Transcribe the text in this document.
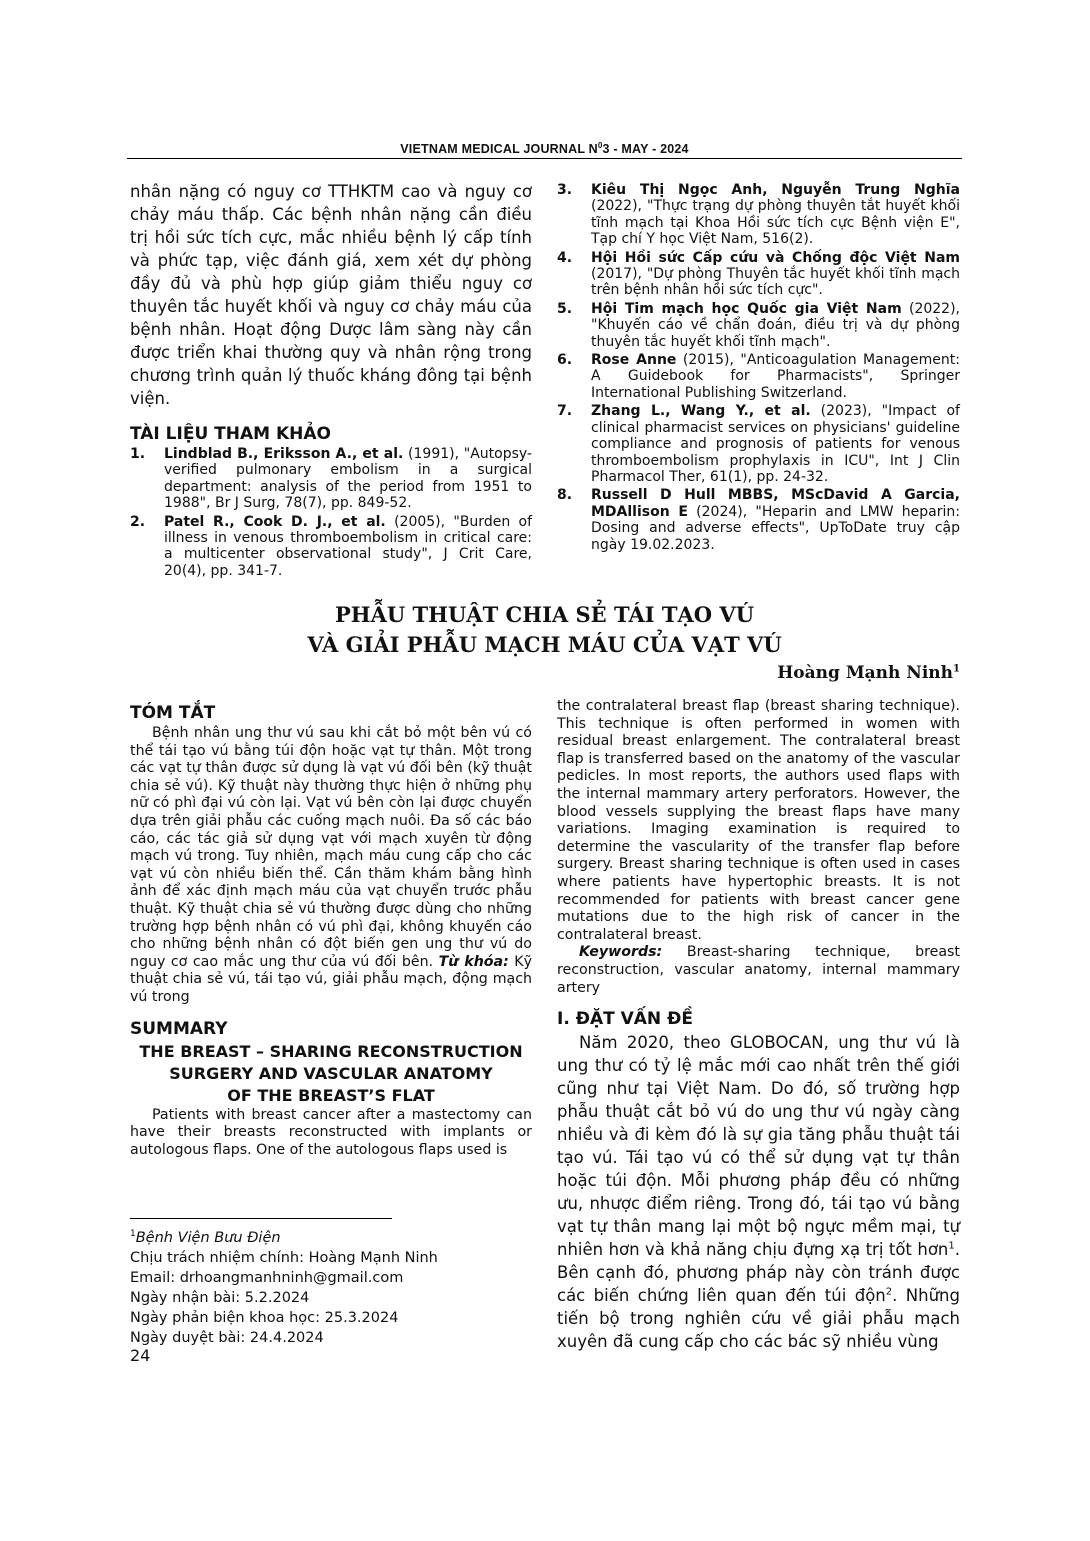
VIETNAM MEDICAL JOURNAL $N^03$ - MAY - 2024

nhân nặng có nguy cơ TTHKTM cao và nguy cơ chảy máu thấp. Các bệnh nhân nặng cần điều trị hồi sức tích cực, mắc nhiều bệnh lý cấp tính và phức tạp, việc đánh giá, xem xét dự phòng đầy đủ và phù hợp giúp giảm thiểu nguy cơ thuyên tắc huyết khối và nguy cơ chảy máu của bệnh nhân. Hoạt động Dược lâm sàng này cần được triển khai thường quy và nhân rộng trong chương trình quản lý thuốc kháng đông tại bệnh viện.

TÀI LIỆU THAM KHẢO

1. Lindblad B., Eriksson A., et al. (1991), "Autopsy-verified pulmonary embolism in a surgical department: analysis of the period from 1951 to 1988", Br J Surg, 78(7), pp. 849-52.
2. Patel R., Cook D. J., et al. (2005), "Burden of illness in venous thromboembolism in critical care: a multicenter observational study", J Crit Care, 20(4), pp. 341-7.
3. Kiêu Thị Ngọc Anh, Nguyễn Trung Nghĩa (2022), "Thực trạng dự phòng thuyên tắt huyết khối tĩnh mạch tại Khoa Hồi sức tích cực Bệnh viện E", Tạp chí Y học Việt Nam, 516(2).
4. Hội Hồi sức Cấp cứu và Chống độc Việt Nam (2017), "Dự phòng Thuyên tắc huyết khối tĩnh mạch trên bệnh nhân hồi sức tích cực".
5. Hội Tim mạch học Quốc gia Việt Nam (2022), "Khuyến cáo về chẩn đoán, điều trị và dự phòng thuyên tắc huyết khối tĩnh mạch".
6. Rose Anne (2015), "Anticoagulation Management: A Guidebook for Pharmacists", Springer International Publishing Switzerland.
7. Zhang L., Wang Y., et al. (2023), "Impact of clinical pharmacist services on physicians' guideline compliance and prognosis of patients for venous thromboembolism prophylaxis in ICU", Int J Clin Pharmacol Ther, 61(1), pp. 24-32.
8. Russell D Hull MBBS, MScDavid A Garcia, MDAllison E (2024), "Heparin and LMW heparin: Dosing and adverse effects", UpToDate truy cập ngày 19.02.2023.
PHẪU THUẬT CHIA SẺ TÁI TẠO VÚ
VÀ GIẢI PHẪU MẠCH MÁU CỦA VẠT VÚ
Hoàng Mạnh Ninh$^1$

TÓM TẮT

Bệnh nhân ung thư vú sau khi cắt bỏ một bên vú có thể tái tạo vú bằng túi độn hoặc vạt tự thân. Một trong các vạt tự thân được sử dụng là vạt vú đối bên (kỹ thuật chia sẻ vú). Kỹ thuật này thường thực hiện ở những phụ nữ có phì đại vú còn lại. Vạt vú bên còn lại được chuyển dựa trên giải phẫu các cuống mạch nuôi. Đa số các báo cáo, các tác giả sử dụng vạt với mạch xuyên từ động mạch vú trong. Tuy nhiên, mạch máu cung cấp cho các vạt vú còn nhiều biến thể. Cần thăm khám bằng hình ảnh để xác định mạch máu của vạt chuyển trước phẫu thuật. Kỹ thuật chia sẻ vú thường được dùng cho những trường hợp bệnh nhân có vú phì đại, không khuyến cáo cho những bệnh nhân có đột biến gen ung thư vú do nguy cơ cao mắc ung thư của vú đối bên. Từ khóa: Kỹ thuật chia sẻ vú, tái tạo vú, giải phẫu mạch, động mạch vú trong

SUMMARY

THE BREAST – SHARING RECONSTRUCTION

SURGERY AND VASCULAR ANATOMY

OF THE BREAST’S FLAT

Patients with breast cancer after a mastectomy can have their breasts reconstructed with implants or autologous flaps. One of the autologous flaps used is

the contralateral breast flap (breast sharing technique). This technique is often performed in women with residual breast enlargement. The contralateral breast flap is transferred based on the anatomy of the vascular pedicles. In most reports, the authors used flaps with the internal mammary artery perforators. However, the blood vessels supplying the breast flaps have many variations. Imaging examination is required to determine the vascularity of the transfer flap before surgery. Breast sharing technique is often used in cases where patients have hypertophic breasts. It is not recommended for patients with breast cancer gene mutations due to the high risk of cancer in the contralateral breast.

Keywords: Breast-sharing technique, breast reconstruction, vascular anatomy, internal mammary artery

I. ĐẶT VẤN ĐỀ

Năm 2020, theo GLOBOCAN, ung thư vú là ung thư có tỷ lệ mắc mới cao nhất trên thế giới cũng như tại Việt Nam. Do đó, số trường hợp phẫu thuật cắt bỏ vú do ung thư vú ngày càng nhiều và đi kèm đó là sự gia tăng phẫu thuật tái tạo vú. Tái tạo vú có thể sử dụng vạt tự thân hoặc túi độn. Mỗi phương pháp đều có những ưu, nhược điểm riêng. Trong đó, tái tạo vú bằng vạt tự thân mang lại một bộ ngực mềm mại, tự nhiên hơn và khả năng chịu đựng xạ trị tốt hơn$^1$. Bên cạnh đó, phương pháp này còn tránh được các biến chứng liên quan đến túi độn$^2$. Những tiến bộ trong nghiên cứu về giải phẫu mạch xuyên đã cung cấp cho các bác sỹ nhiều vùng

$^1$Bệnh Viện Bưu Điện
Chịu trách nhiệm chính: Hoàng Mạnh Ninh
Email: drhoangmanhninh@gmail.com
Ngày nhận bài: 5.2.2024
Ngày phản biện khoa học: 25.3.2024
Ngày duyệt bài: 24.4.2024
24
